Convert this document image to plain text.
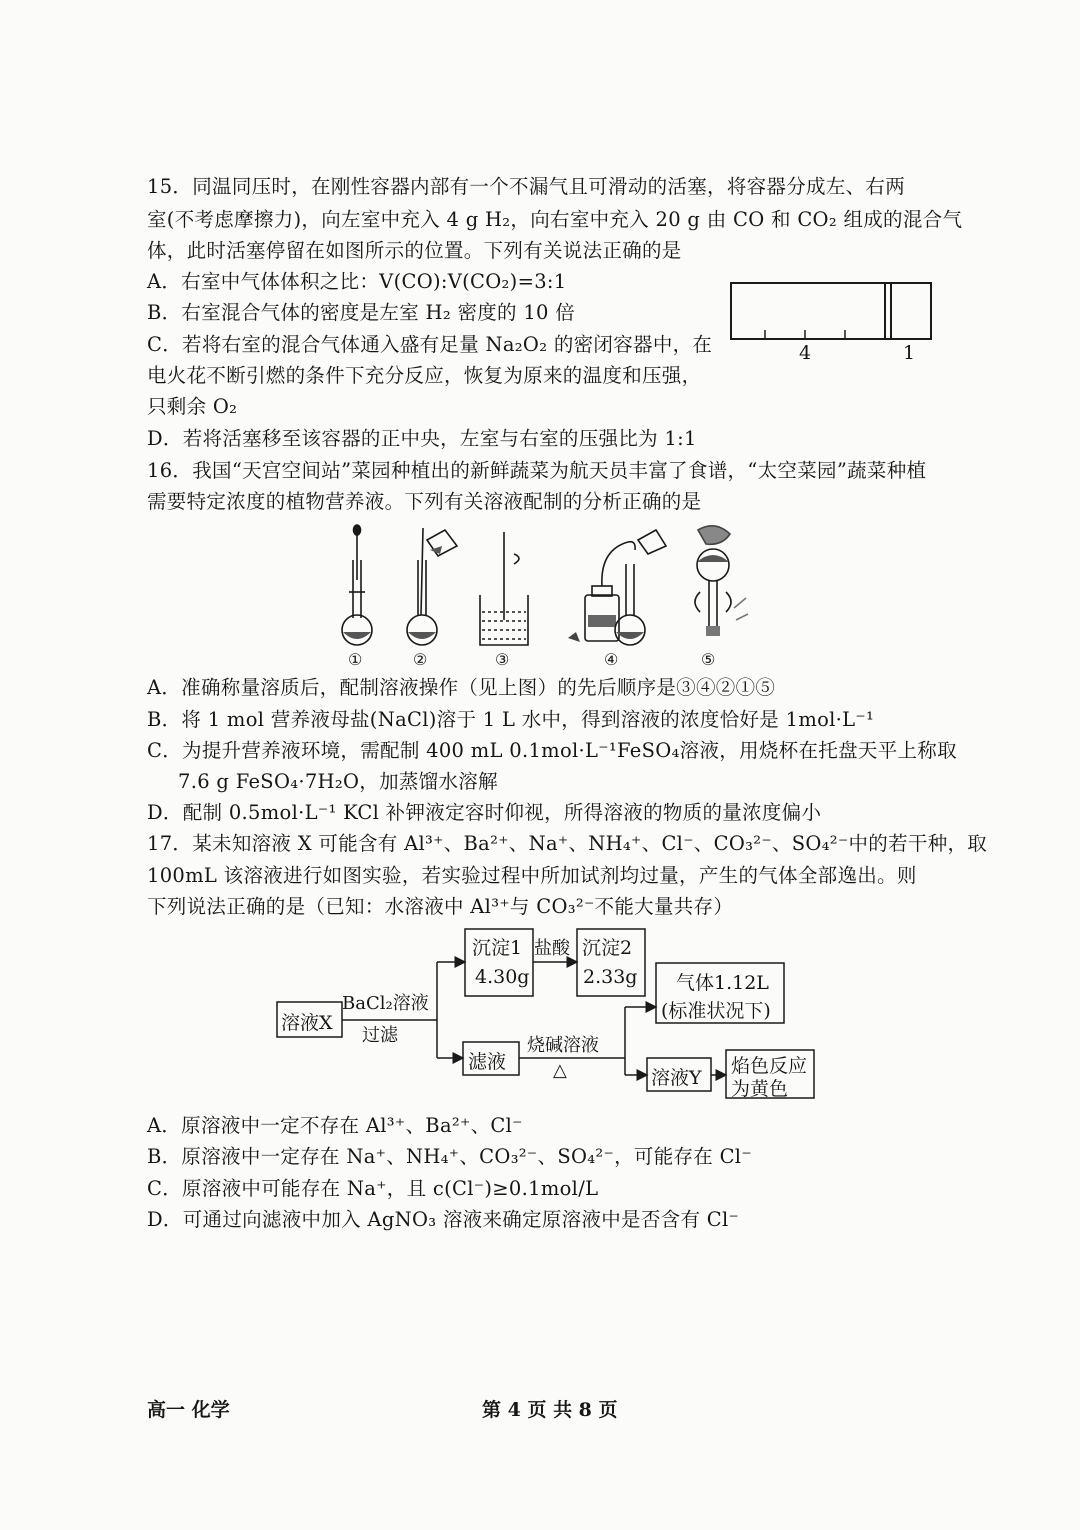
15．同温同压时，在刚性容器内部有一个不漏气且可滑动的活塞，将容器分成左、右两
室(不考虑摩擦力)，向左室中充入 4 g H₂，向右室中充入 20 g 由 CO 和 CO₂ 组成的混合气
体，此时活塞停留在如图所示的位置。下列有关说法正确的是
A．右室中气体体积之比：V(CO):V(CO₂)=3:1
B．右室混合气体的密度是左室 H₂ 密度的 10 倍
C．若将右室的混合气体通入盛有足量 Na₂O₂ 的密闭容器中，在
电火花不断引燃的条件下充分反应，恢复为原来的温度和压强，
只剩余 O₂
D．若将活塞移至该容器的正中央，左室与右室的压强比为 1:1
4	1
16．我国“天宫空间站”菜园种植出的新鲜蔬菜为航天员丰富了食谱，“太空菜园”蔬菜种植
需要特定浓度的植物营养液。下列有关溶液配制的分析正确的是
①	②	③	④	⑤
A．准确称量溶质后，配制溶液操作（见上图）的先后顺序是③④②①⑤
B．将 1 mol 营养液母盐(NaCl)溶于 1 L 水中，得到溶液的浓度恰好是 1mol·L⁻¹
C．为提升营养液环境，需配制 400 mL 0.1mol·L⁻¹FeSO₄溶液，用烧杯在托盘天平上称取
7.6 g FeSO₄·7H₂O，加蒸馏水溶解
D．配制 0.5mol·L⁻¹ KCl 补钾液定容时仰视，所得溶液的物质的量浓度偏小
17．某未知溶液 X 可能含有 Al³⁺、Ba²⁺、Na⁺、NH₄⁺、Cl⁻、CO₃²⁻、SO₄²⁻中的若干种，取
100mL 该溶液进行如图实验，若实验过程中所加试剂均过量，产生的气体全部逸出。则
下列说法正确的是（已知：水溶液中 Al³⁺与 CO₃²⁻不能大量共存）
溶液X
BaCl₂溶液
过滤
沉淀1
4.30g
盐酸 沉淀2
2.33g 气体1.12L
(标准状况下)
滤液
烧碱溶液
△	溶液Y
焰色反应
为黄色
A．原溶液中一定不存在 Al³⁺、Ba²⁺、Cl⁻
B．原溶液中一定存在 Na⁺、NH₄⁺、CO₃²⁻、SO₄²⁻，可能存在 Cl⁻
C．原溶液中可能存在 Na⁺，且 c(Cl⁻)≥0.1mol/L
D．可通过向滤液中加入 AgNO₃ 溶液来确定原溶液中是否含有 Cl⁻
高一 化学	第 4 页 共 8 页
